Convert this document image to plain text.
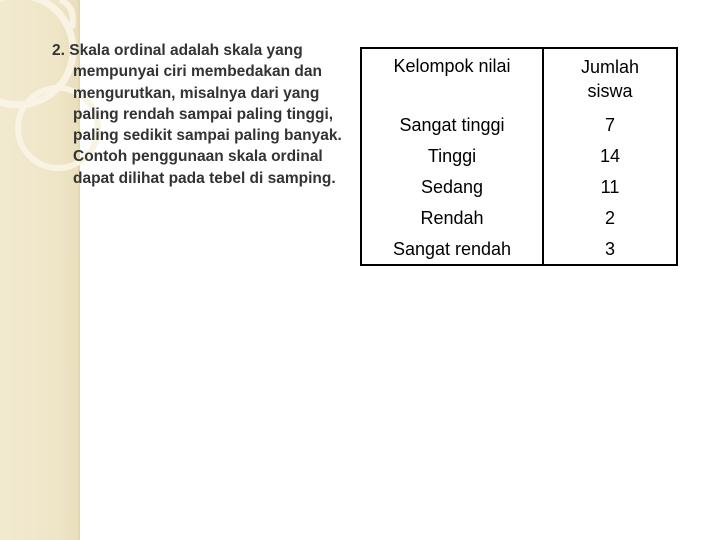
2. Skala ordinal adalah skala yang mempunyai ciri membedakan dan mengurutkan, misalnya dari yang paling rendah sampai paling tinggi, paling sedikit sampai paling banyak. Contoh penggunaan skala ordinal dapat dilihat pada tebel di samping.

Kelompok nilai	Jumlah
siswa
Sangat tinggi	7
Tinggi	14
Sedang	11
Rendah	2
Sangat rendah	3
